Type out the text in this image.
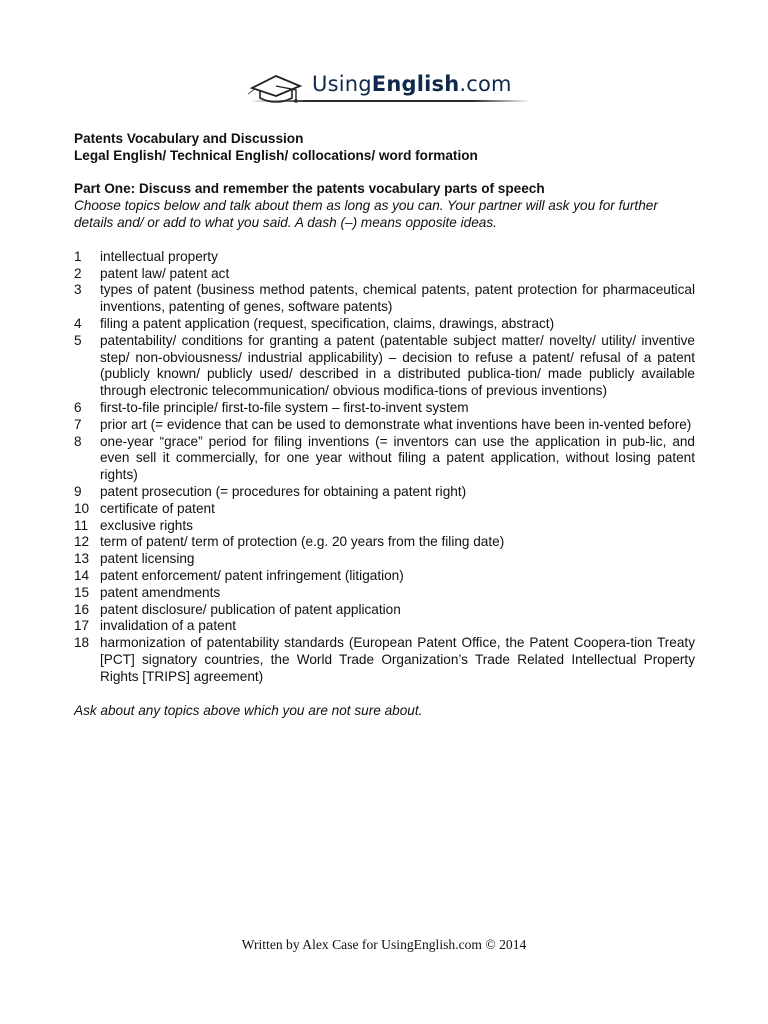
UsingEnglish.com
Patents Vocabulary and Discussion
Legal English/ Technical English/ collocations/ word formation
Part One: Discuss and remember the patents vocabulary parts of speech
Choose topics below and talk about them as long as you can. Your partner will ask you for further details and/ or add to what you said. A dash (–) means opposite ideas.
1	intellectual property
2	patent law/ patent act
3	types of patent (business method patents, chemical patents, patent protection for pharmaceutical inventions, patenting of genes, software patents)
4	filing a patent application (request, specification, claims, drawings, abstract)
5	patentability/ conditions for granting a patent (patentable subject matter/ novelty/ utility/ inventive step/ non-obviousness/ industrial applicability) – decision to refuse a patent/ refusal of a patent (publicly known/ publicly used/ described in a distributed publica-tion/ made publicly available through electronic telecommunication/ obvious modifica-tions of previous inventions)
6	first-to-file principle/ first-to-file system – first-to-invent system
7	prior art (= evidence that can be used to demonstrate what inventions have been in-vented before)
8	one-year “grace” period for filing inventions (= inventors can use the application in pub-lic, and even sell it commercially, for one year without filing a patent application, without losing patent rights)
9	patent prosecution (= procedures for obtaining a patent right)
10 certificate of patent
11 exclusive rights
12 term of patent/ term of protection (e.g. 20 years from the filing date)
13 patent licensing
14 patent enforcement/ patent infringement (litigation)
15 patent amendments
16 patent disclosure/ publication of patent application
17 invalidation of a patent
18 harmonization of patentability standards (European Patent Office, the Patent Coopera-tion Treaty [PCT] signatory countries, the World Trade Organization’s Trade Related Intellectual Property Rights [TRIPS] agreement)
Ask about any topics above which you are not sure about.
Written by Alex Case for UsingEnglish.com © 2014
